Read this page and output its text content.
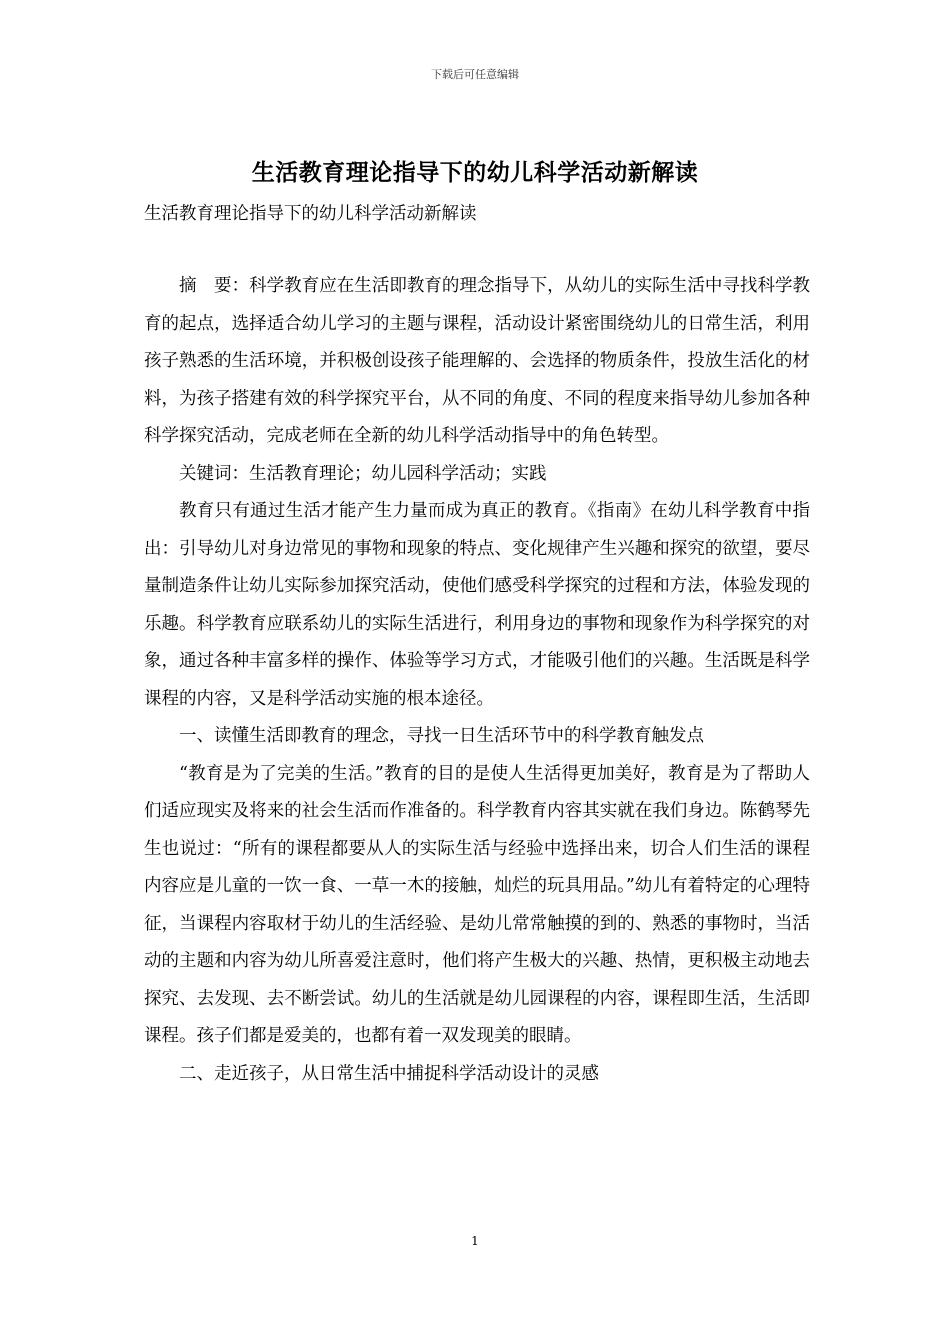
下载后可任意编辑
生活教育理论指导下的幼儿科学活动新解读
生活教育理论指导下的幼儿科学活动新解读

摘　要：科学教育应在生活即教育的理念指导下，从幼儿的实际生活中寻找科学教育的起点，选择适合幼儿学习的主题与课程，活动设计紧密围绕幼儿的日常生活，利用孩子熟悉的生活环境，并积极创设孩子能理解的、会选择的物质条件，投放生活化的材料，为孩子搭建有效的科学探究平台，从不同的角度、不同的程度来指导幼儿参加各种科学探究活动，完成老师在全新的幼儿科学活动指导中的角色转型。

关键词：生活教育理论；幼儿园科学活动；实践

教育只有通过生活才能产生力量而成为真正的教育。《指南》在幼儿科学教育中指出：引导幼儿对身边常见的事物和现象的特点、变化规律产生兴趣和探究的欲望，要尽量制造条件让幼儿实际参加探究活动，使他们感受科学探究的过程和方法，体验发现的乐趣。科学教育应联系幼儿的实际生活进行，利用身边的事物和现象作为科学探究的对象，通过各种丰富多样的操作、体验等学习方式，才能吸引他们的兴趣。生活既是科学课程的内容，又是科学活动实施的根本途径。

一、读懂生活即教育的理念，寻找一日生活环节中的科学教育触发点

“教育是为了完美的生活。”教育的目的是使人生活得更加美好，教育是为了帮助人们适应现实及将来的社会生活而作准备的。科学教育内容其实就在我们身边。陈鹤琴先生也说过：“所有的课程都要从人的实际生活与经验中选择出来，切合人们生活的课程内容应是儿童的一饮一食、一草一木的接触，灿烂的玩具用品。”幼儿有着特定的心理特征，当课程内容取材于幼儿的生活经验、是幼儿常常触摸的到的、熟悉的事物时，当活动的主题和内容为幼儿所喜爱注意时，他们将产生极大的兴趣、热情，更积极主动地去探究、去发现、去不断尝试。幼儿的生活就是幼儿园课程的内容，课程即生活，生活即课程。孩子们都是爱美的，也都有着一双发现美的眼睛。

二、走近孩子，从日常生活中捕捉科学活动设计的灵感

1
